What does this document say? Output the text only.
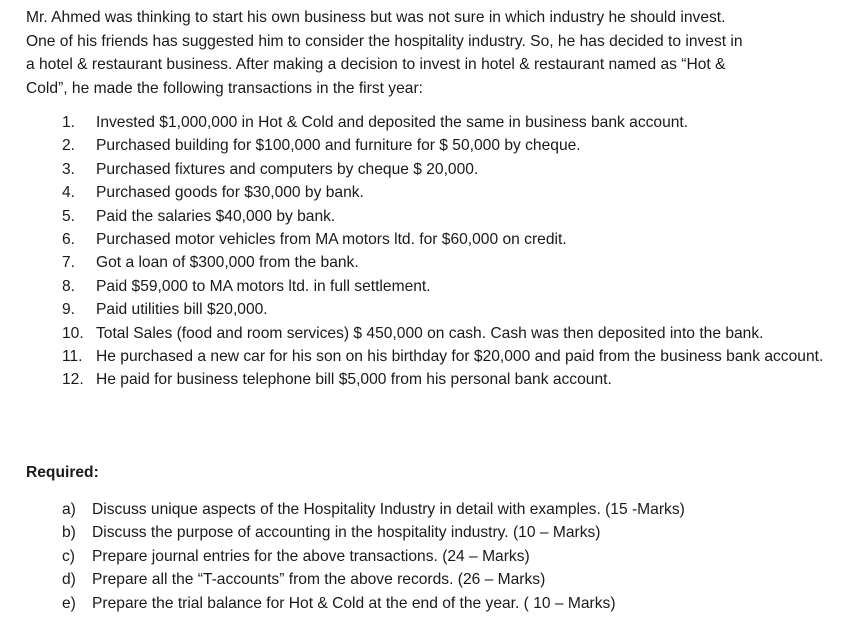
Mr. Ahmed was thinking to start his own business but was not sure in which industry he should invest.
One of his friends has suggested him to consider the hospitality industry. So, he has decided to invest in
a hotel & restaurant business. After making a decision to invest in hotel & restaurant named as “Hot &
Cold”, he made the following transactions in the first year:

1.	Invested $1,000,000 in Hot & Cold and deposited the same in business bank account.
2.	Purchased building for $100,000 and furniture for $ 50,000 by cheque.
3.	Purchased fixtures and computers by cheque $ 20,000.
4.	Purchased goods for $30,000 by bank.
5.	Paid the salaries $40,000 by bank.
6.	Purchased motor vehicles from MA motors ltd. for $60,000 on credit.
7.	Got a loan of $300,000 from the bank.
8.	Paid $59,000 to MA motors ltd. in full settlement.
9.	Paid utilities bill $20,000.
10. Total Sales (food and room services) $ 450,000 on cash. Cash was then deposited into the bank.
11. He purchased a new car for his son on his birthday for $20,000 and paid from the business bank account.
12. He paid for business telephone bill $5,000 from his personal bank account.

Required:

a)	Discuss unique aspects of the Hospitality Industry in detail with examples. (15 -Marks)
b)	Discuss the purpose of accounting in the hospitality industry. (10 – Marks)
c)	Prepare journal entries for the above transactions. (24 – Marks)
d)	Prepare all the “T-accounts” from the above records. (26 – Marks)
e)	Prepare the trial balance for Hot & Cold at the end of the year. ( 10 – Marks)
